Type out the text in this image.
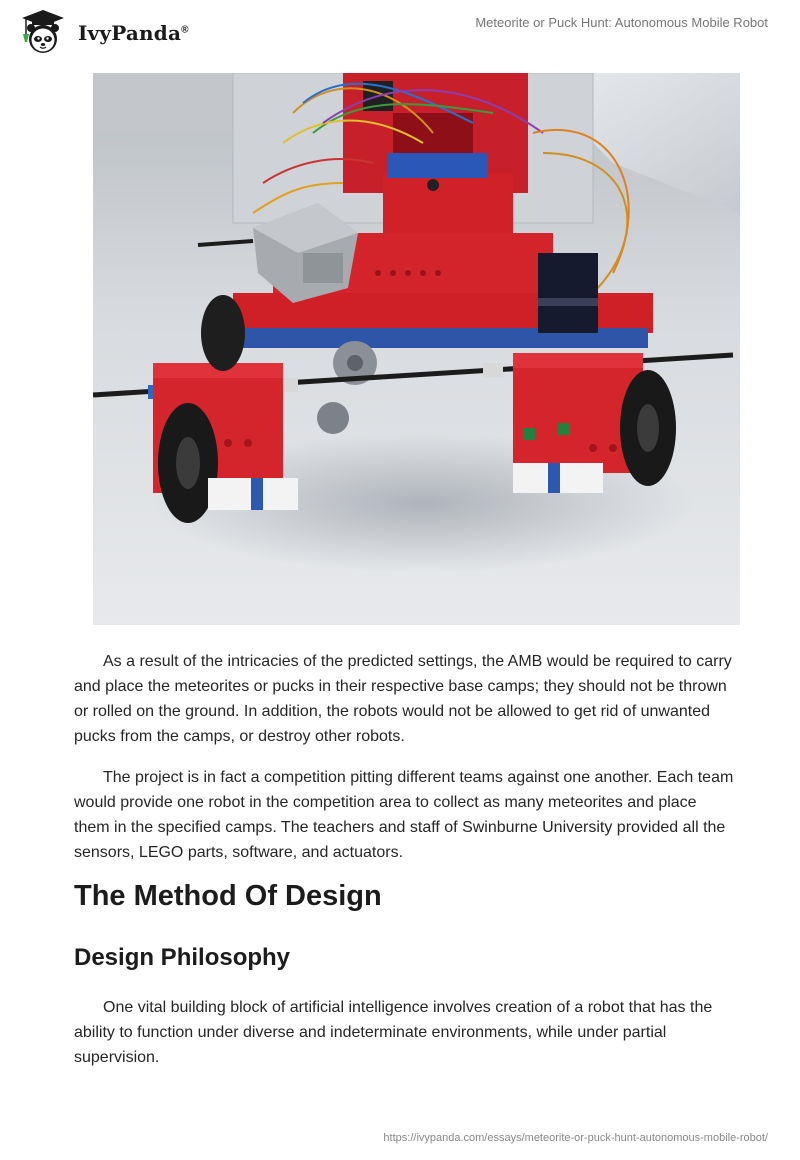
IvyPanda®	Meteorite or Puck Hunt: Autonomous Mobile Robot

As a result of the intricacies of the predicted settings, the AMB would be required to carry and place the meteorites or pucks in their respective base camps; they should not be thrown or rolled on the ground. In addition, the robots would not be allowed to get rid of unwanted pucks from the camps, or destroy other robots.

The project is in fact a competition pitting different teams against one another. Each team would provide one robot in the competition area to collect as many meteorites and place them in the specified camps. The teachers and staff of Swinburne University provided all the sensors, LEGO parts, software, and actuators.

The Method Of Design
Design Philosophy

One vital building block of artificial intelligence involves creation of a robot that has the ability to function under diverse and indeterminate environments, while under partial supervision.

https://ivypanda.com/essays/meteorite-or-puck-hunt-autonomous-mobile-robot/
